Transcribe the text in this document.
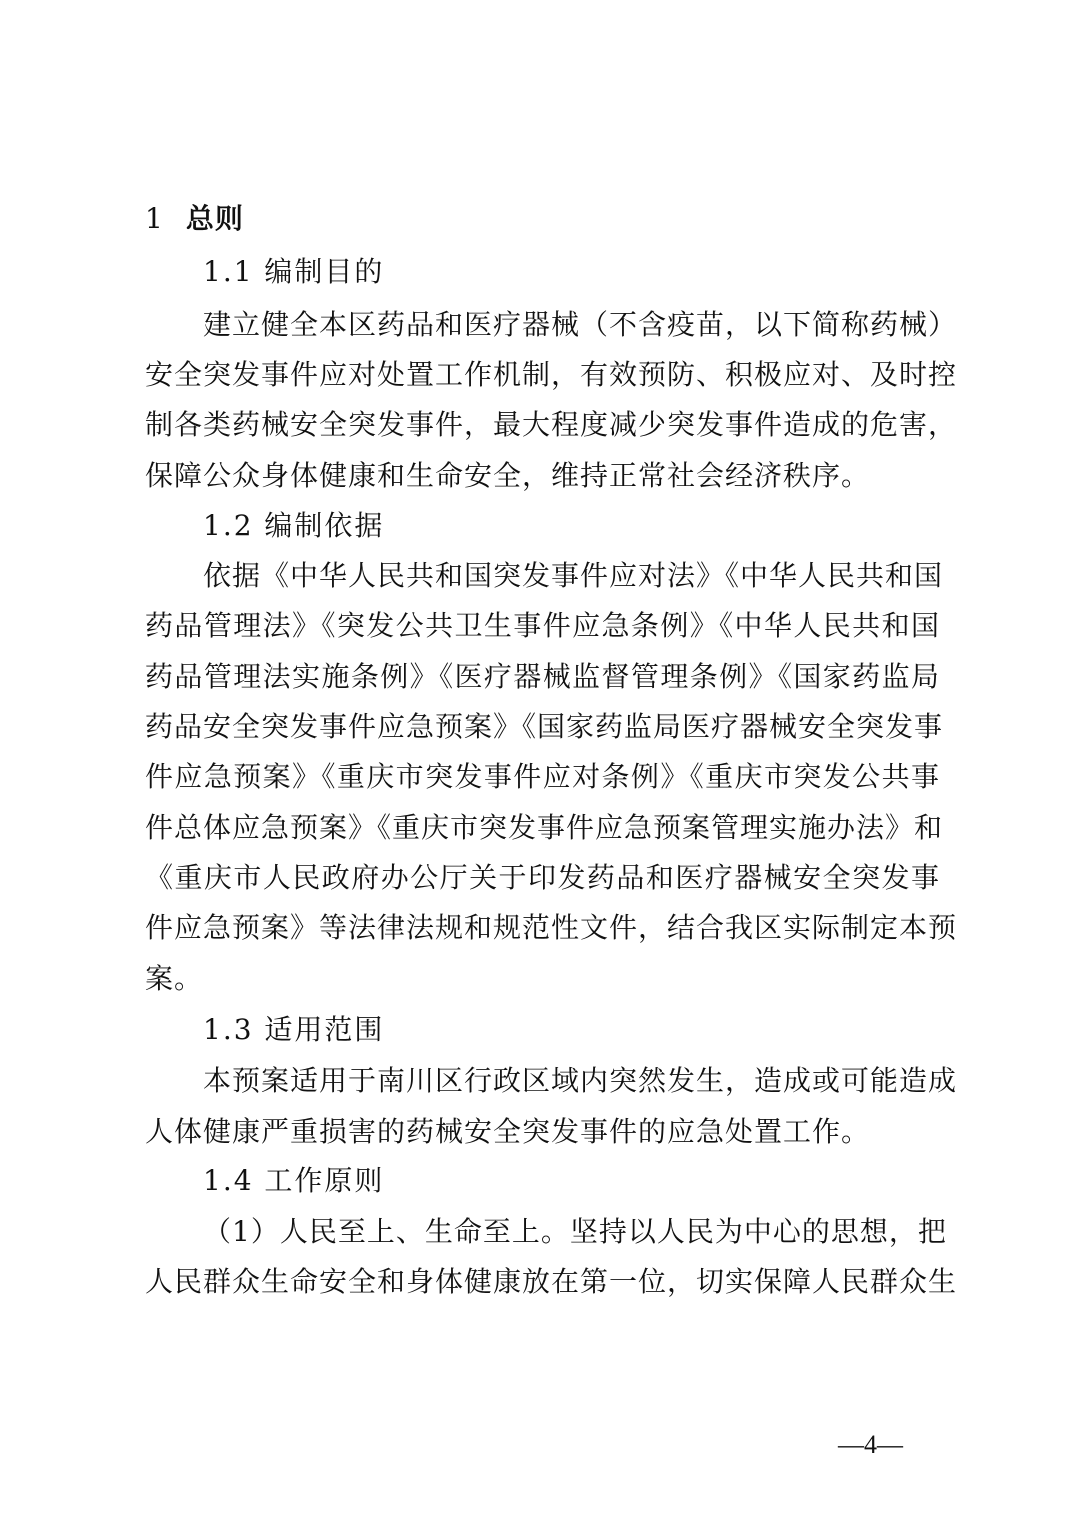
1 总则
1.1 编制目的
建立健全本区药品和医疗器械（不含疫苗，以下简称药械）
安全突发事件应对处置工作机制，有效预防、积极应对、及时控
制各类药械安全突发事件，最大程度减少突发事件造成的危害，
保障公众身体健康和生命安全，维持正常社会经济秩序。
1.2 编制依据
依据《中华人民共和国突发事件应对法》《中华人民共和国
药品管理法》《突发公共卫生事件应急条例》《中华人民共和国
药品管理法实施条例》《医疗器械监督管理条例》《国家药监局
药品安全突发事件应急预案》《国家药监局医疗器械安全突发事
件应急预案》《重庆市突发事件应对条例》《重庆市突发公共事
件总体应急预案》《重庆市突发事件应急预案管理实施办法》和
《重庆市人民政府办公厅关于印发药品和医疗器械安全突发事
件应急预案》等法律法规和规范性文件，结合我区实际制定本预
案。
1.3 适用范围
本预案适用于南川区行政区域内突然发生，造成或可能造成
人体健康严重损害的药械安全突发事件的应急处置工作。
1.4 工作原则
（1）人民至上、生命至上。坚持以人民为中心的思想，把
人民群众生命安全和身体健康放在第一位，切实保障人民群众生
—4—
